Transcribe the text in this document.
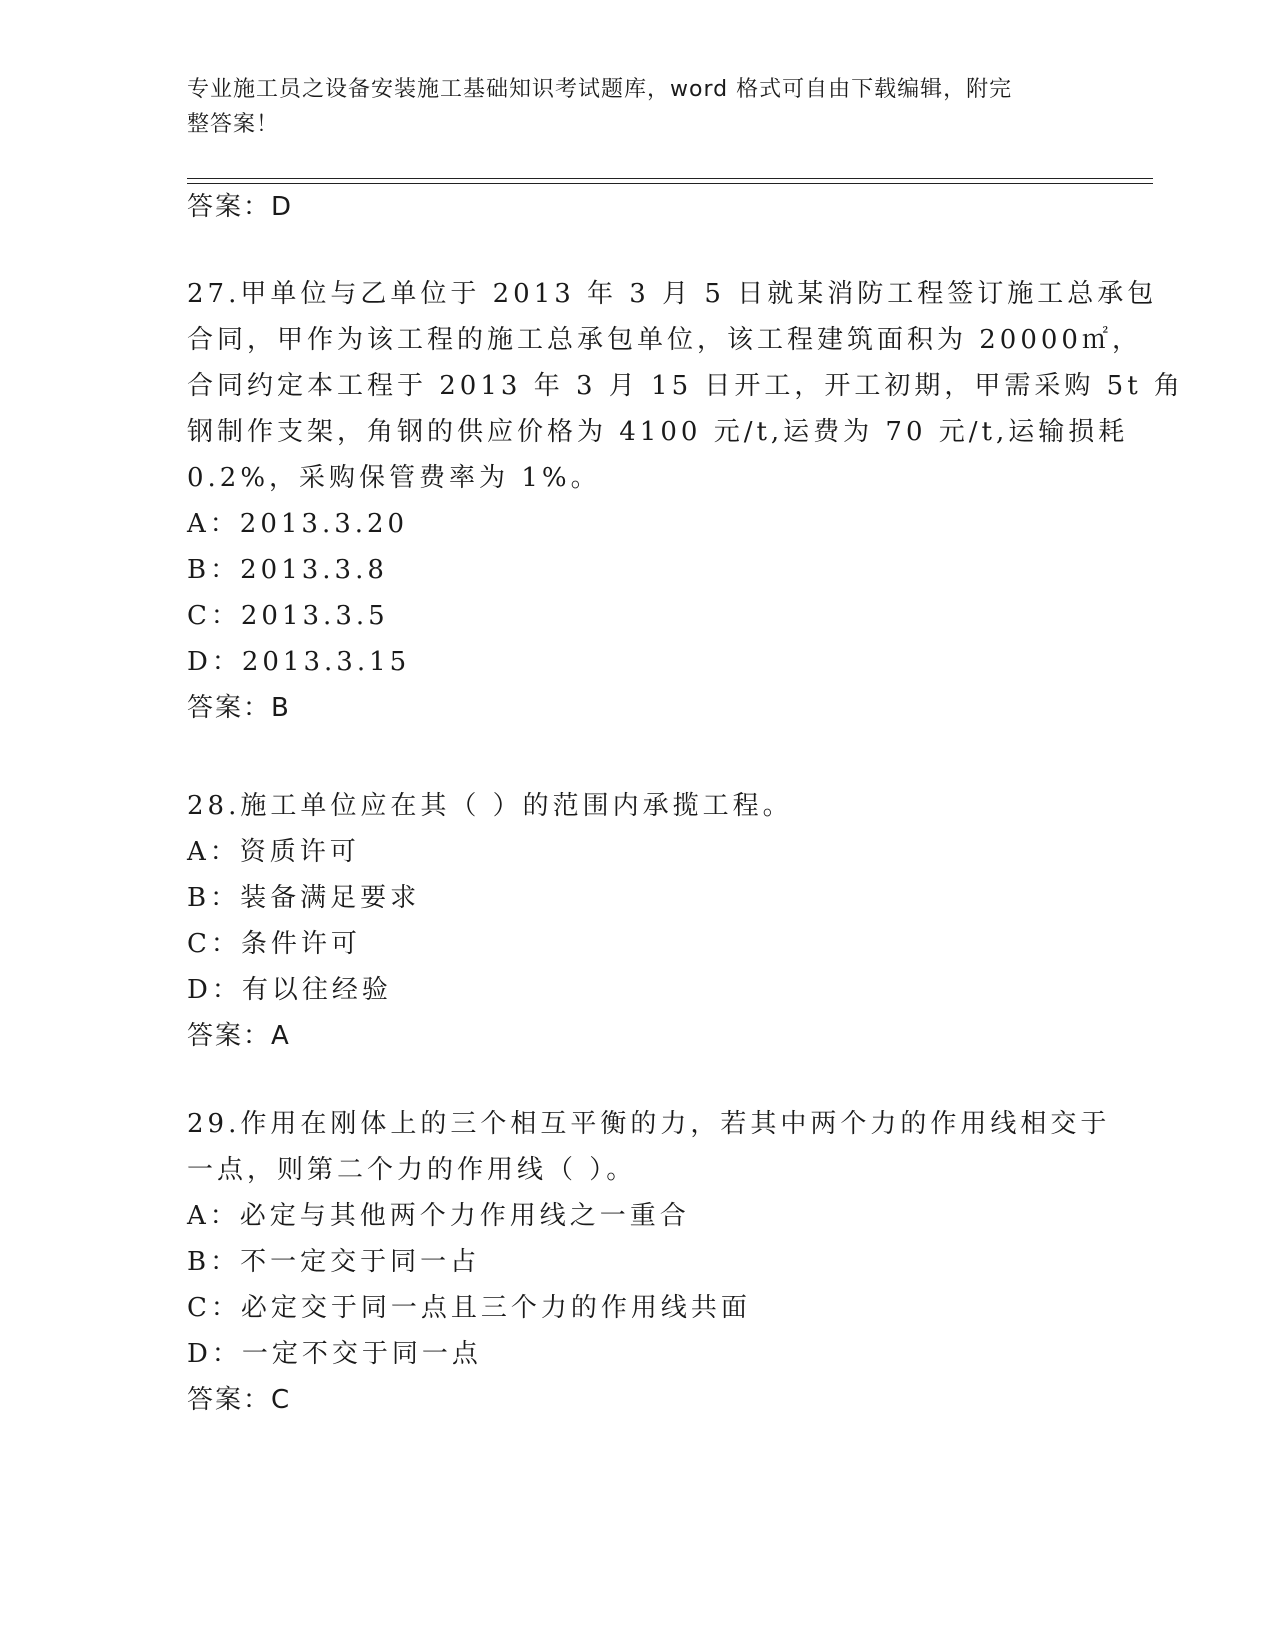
专业施工员之设备安装施工基础知识考试题库，word 格式可自由下载编辑，附完
整答案！
答案：D
27.甲单位与乙单位于 2013 年 3 月 5 日就某消防工程签订施工总承包
合同，甲作为该工程的施工总承包单位，该工程建筑面积为 20000㎡，
合同约定本工程于 2013 年 3 月 15 日开工，开工初期，甲需采购 5t 角
钢制作支架，角钢的供应价格为 4100 元/t,运费为 70 元/t,运输损耗
0.2%，采购保管费率为 1%。
A：2013.3.20
B：2013.3.8
C：2013.3.5
D：2013.3.15
答案：B
28.施工单位应在其（ ）的范围内承揽工程。
A：资质许可
B：装备满足要求
C：条件许可
D：有以往经验
答案：A
29.作用在刚体上的三个相互平衡的力，若其中两个力的作用线相交于
一点，则第二个力的作用线（ ）。
A：必定与其他两个力作用线之一重合
B：不一定交于同一占
C：必定交于同一点且三个力的作用线共面
D：一定不交于同一点
答案：C
